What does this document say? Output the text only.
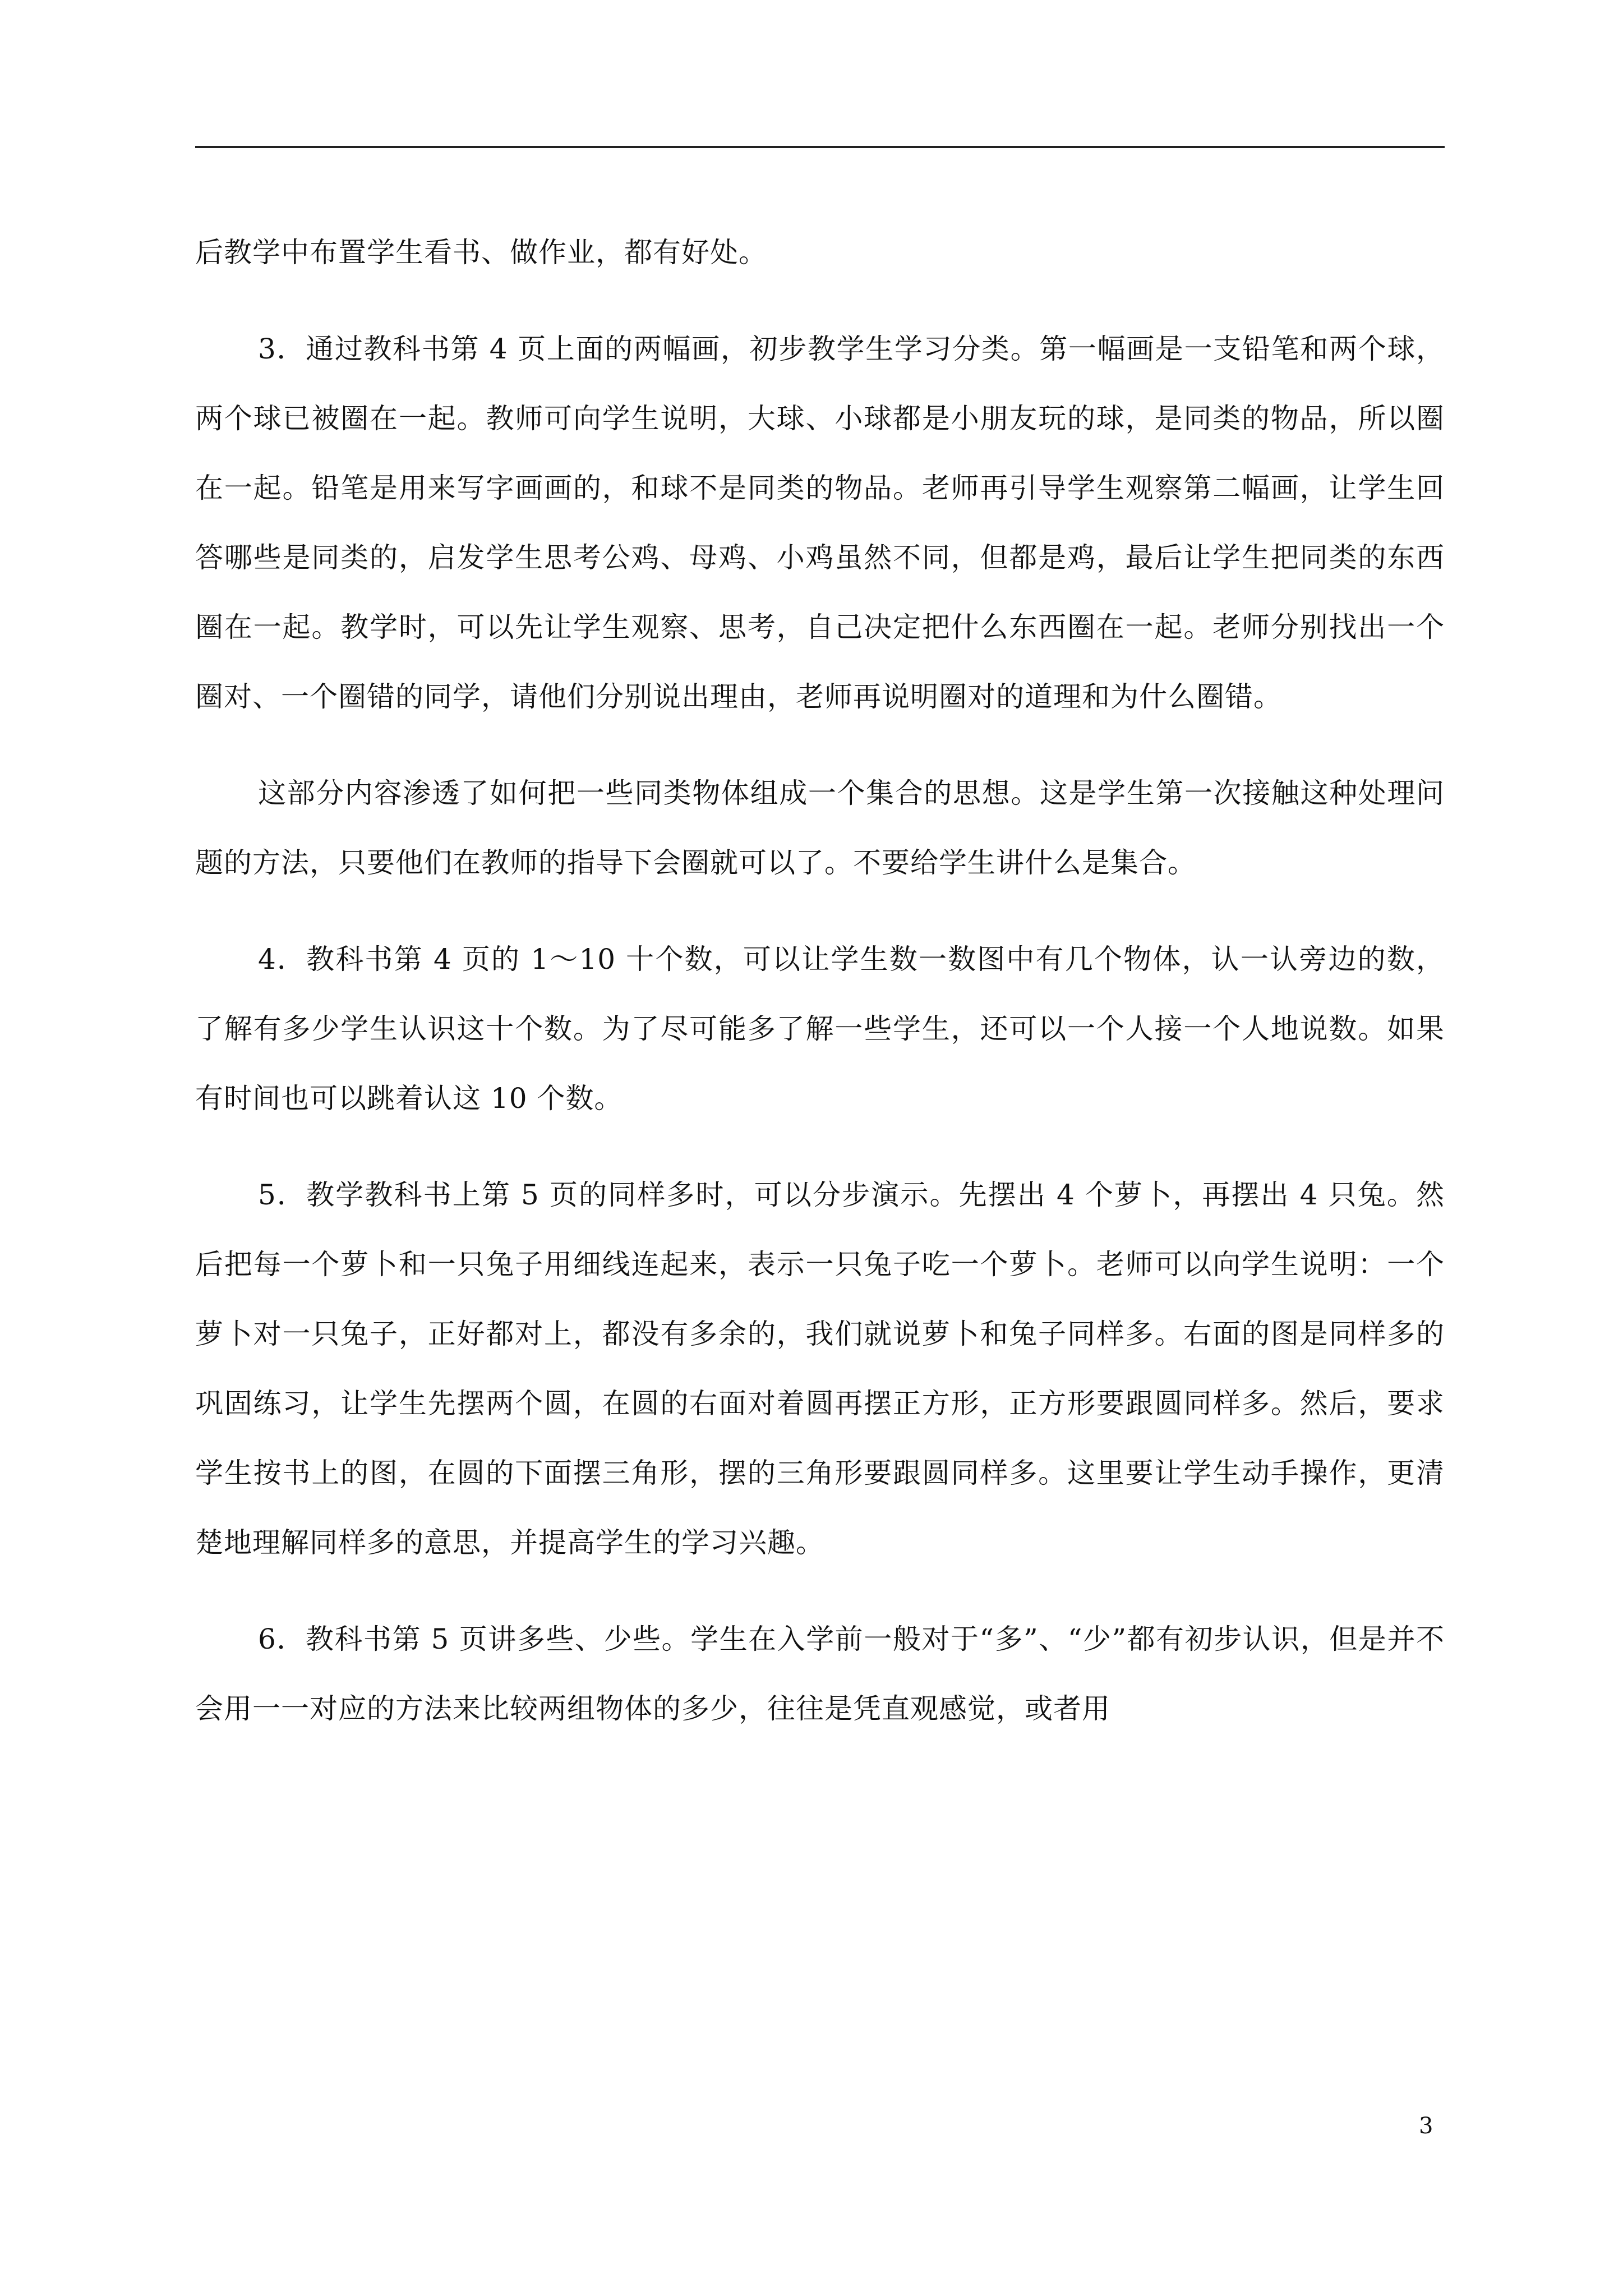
后教学中布置学生看书、做作业，都有好处。

3．通过教科书第 4 页上面的两幅画，初步教学生学习分类。第一幅画是一支铅笔和两个球，两个球已被圈在一起。教师可向学生说明，大球、小球都是小朋友玩的球，是同类的物品，所以圈在一起。铅笔是用来写字画画的，和球不是同类的物品。老师再引导学生观察第二幅画，让学生回答哪些是同类的，启发学生思考公鸡、母鸡、小鸡虽然不同，但都是鸡，最后让学生把同类的东西圈在一起。教学时，可以先让学生观察、思考，自己决定把什么东西圈在一起。老师分别找出一个圈对、一个圈错的同学，请他们分别说出理由，老师再说明圈对的道理和为什么圈错。

这部分内容渗透了如何把一些同类物体组成一个集合的思想。这是学生第一次接触这种处理问题的方法，只要他们在教师的指导下会圈就可以了。不要给学生讲什么是集合。

4．教科书第 4 页的 1～10 十个数，可以让学生数一数图中有几个物体，认一认旁边的数，了解有多少学生认识这十个数。为了尽可能多了解一些学生，还可以一个人接一个人地说数。如果有时间也可以跳着认这 10 个数。

5．教学教科书上第 5 页的同样多时，可以分步演示。先摆出 4 个萝卜，再摆出 4 只兔。然后把每一个萝卜和一只兔子用细线连起来，表示一只兔子吃一个萝卜。老师可以向学生说明：一个萝卜对一只兔子，正好都对上，都没有多余的，我们就说萝卜和兔子同样多。右面的图是同样多的巩固练习，让学生先摆两个圆，在圆的右面对着圆再摆正方形，正方形要跟圆同样多。然后，要求学生按书上的图，在圆的下面摆三角形，摆的三角形要跟圆同样多。这里要让学生动手操作，更清楚地理解同样多的意思，并提高学生的学习兴趣。

6．教科书第 5 页讲多些、少些。学生在入学前一般对于“多”、“少”都有初步认识，但是并不会用一一对应的方法来比较两组物体的多少，往往是凭直观感觉，或者用

3
